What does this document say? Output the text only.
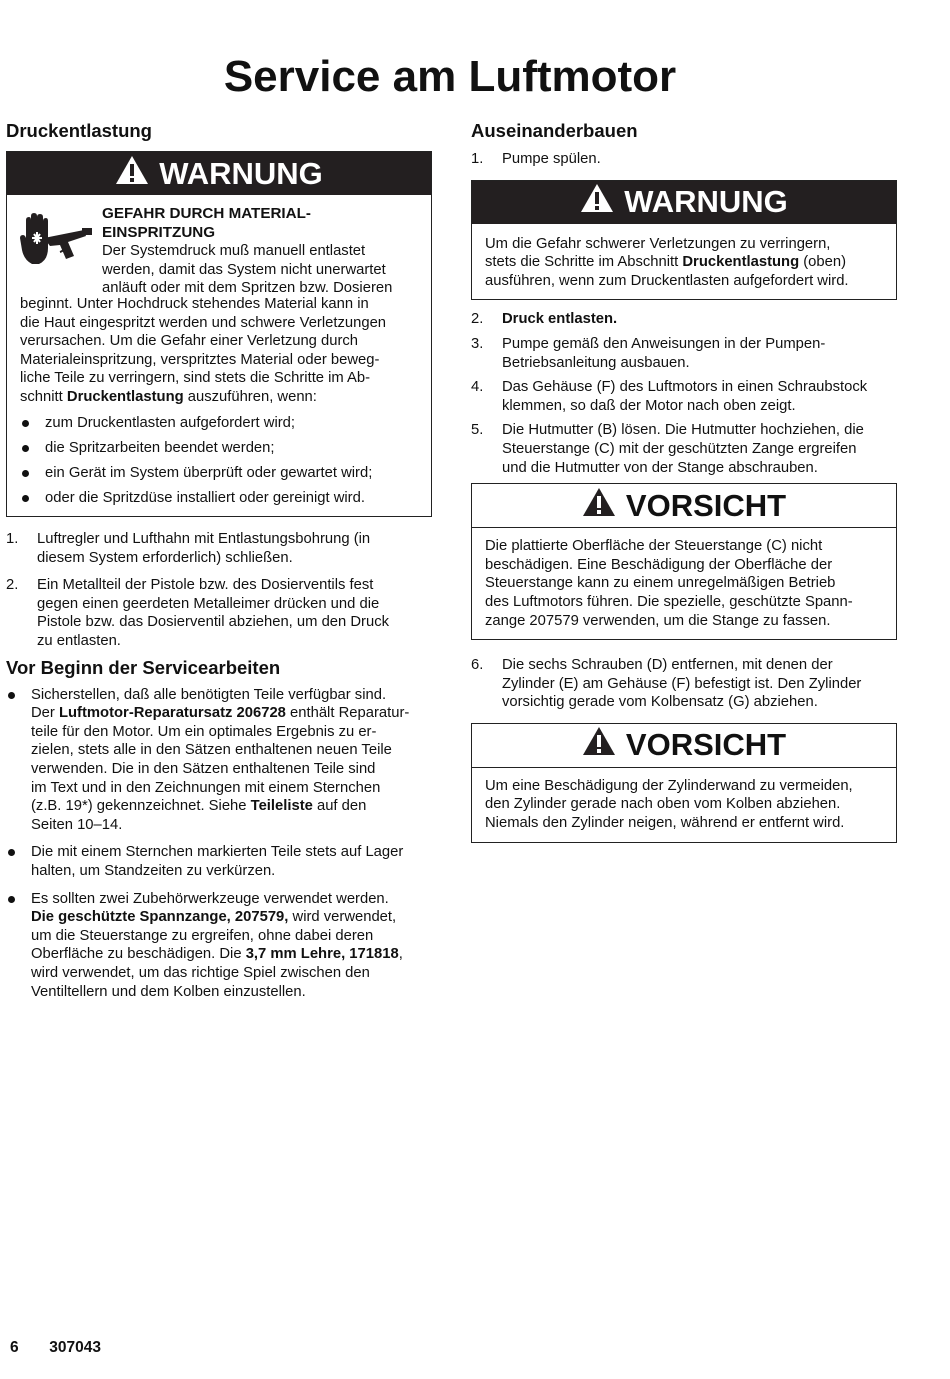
Service am Luftmotor
Druckentlastung
WARNUNG
GEFAHR DURCH MATERIAL-
EINSPRITZUNG
Der Systemdruck muß manuell entlastet
werden, damit das System nicht unerwartet
anläuft oder mit dem Spritzen bzw. Dosieren
beginnt. Unter Hochdruck stehendes Material kann in
die Haut eingespritzt werden und schwere Verletzungen
verursachen. Um die Gefahr einer Verletzung durch
Materialeinspritzung, verspritztes Material oder beweg-
liche Teile zu verringern, sind stets die Schritte im Ab-
schnitt Druckentlastung auszuführen, wenn:
zum Druckentlasten aufgefordert wird;
die Spritzarbeiten beendet werden;
ein Gerät im System überprüft oder gewartet wird;
oder die Spritzdüse installiert oder gereinigt wird.
1. Luftregler und Lufthahn mit Entlastungsbohrung (in
diesem System erforderlich) schließen.
2. Ein Metallteil der Pistole bzw. des Dosierventils fest
gegen einen geerdeten Metalleimer drücken und die
Pistole bzw. das Dosierventil abziehen, um den Druck
zu entlasten.
Vor Beginn der Servicearbeiten
Sicherstellen, daß alle benötigten Teile verfügbar sind.
Der Luftmotor-Reparatursatz 206728 enthält Reparatur-
teile für den Motor. Um ein optimales Ergebnis zu er-
zielen, stets alle in den Sätzen enthaltenen neuen Teile
verwenden. Die in den Sätzen enthaltenen Teile sind
im Text und in den Zeichnungen mit einem Sternchen
(z.B. 19*) gekennzeichnet. Siehe Teileliste auf den
Seiten 10–14.
Die mit einem Sternchen markierten Teile stets auf Lager
halten, um Standzeiten zu verkürzen.
Es sollten zwei Zubehörwerkzeuge verwendet werden.
Die geschützte Spannzange, 207579, wird verwendet,
um die Steuerstange zu ergreifen, ohne dabei deren
Oberfläche zu beschädigen. Die 3,7 mm Lehre, 171818,
wird verwendet, um das richtige Spiel zwischen den
Ventiltellern und dem Kolben einzustellen.
Auseinanderbauen
1. Pumpe spülen.
WARNUNG
Um die Gefahr schwerer Verletzungen zu verringern,
stets die Schritte im Abschnitt Druckentlastung (oben)
ausführen, wenn zum Druckentlasten aufgefordert wird.
2. Druck entlasten.
3. Pumpe gemäß den Anweisungen in der Pumpen-
Betriebsanleitung ausbauen.
4. Das Gehäuse (F) des Luftmotors in einen Schraubstock
klemmen, so daß der Motor nach oben zeigt.
5. Die Hutmutter (B) lösen. Die Hutmutter hochziehen, die
Steuerstange (C) mit der geschützten Zange ergreifen
und die Hutmutter von der Stange abschrauben.
VORSICHT
Die plattierte Oberfläche der Steuerstange (C) nicht
beschädigen. Eine Beschädigung der Oberfläche der
Steuerstange kann zu einem unregelmäßigen Betrieb
des Luftmotors führen. Die spezielle, geschützte Spann-
zange 207579 verwenden, um die Stange zu fassen.
6. Die sechs Schrauben (D) entfernen, mit denen der
Zylinder (E) am Gehäuse (F) befestigt ist. Den Zylinder
vorsichtig gerade vom Kolbensatz (G) abziehen.
VORSICHT
Um eine Beschädigung der Zylinderwand zu vermeiden,
den Zylinder gerade nach oben vom Kolben abziehen.
Niemals den Zylinder neigen, während er entfernt wird.
6 307043
